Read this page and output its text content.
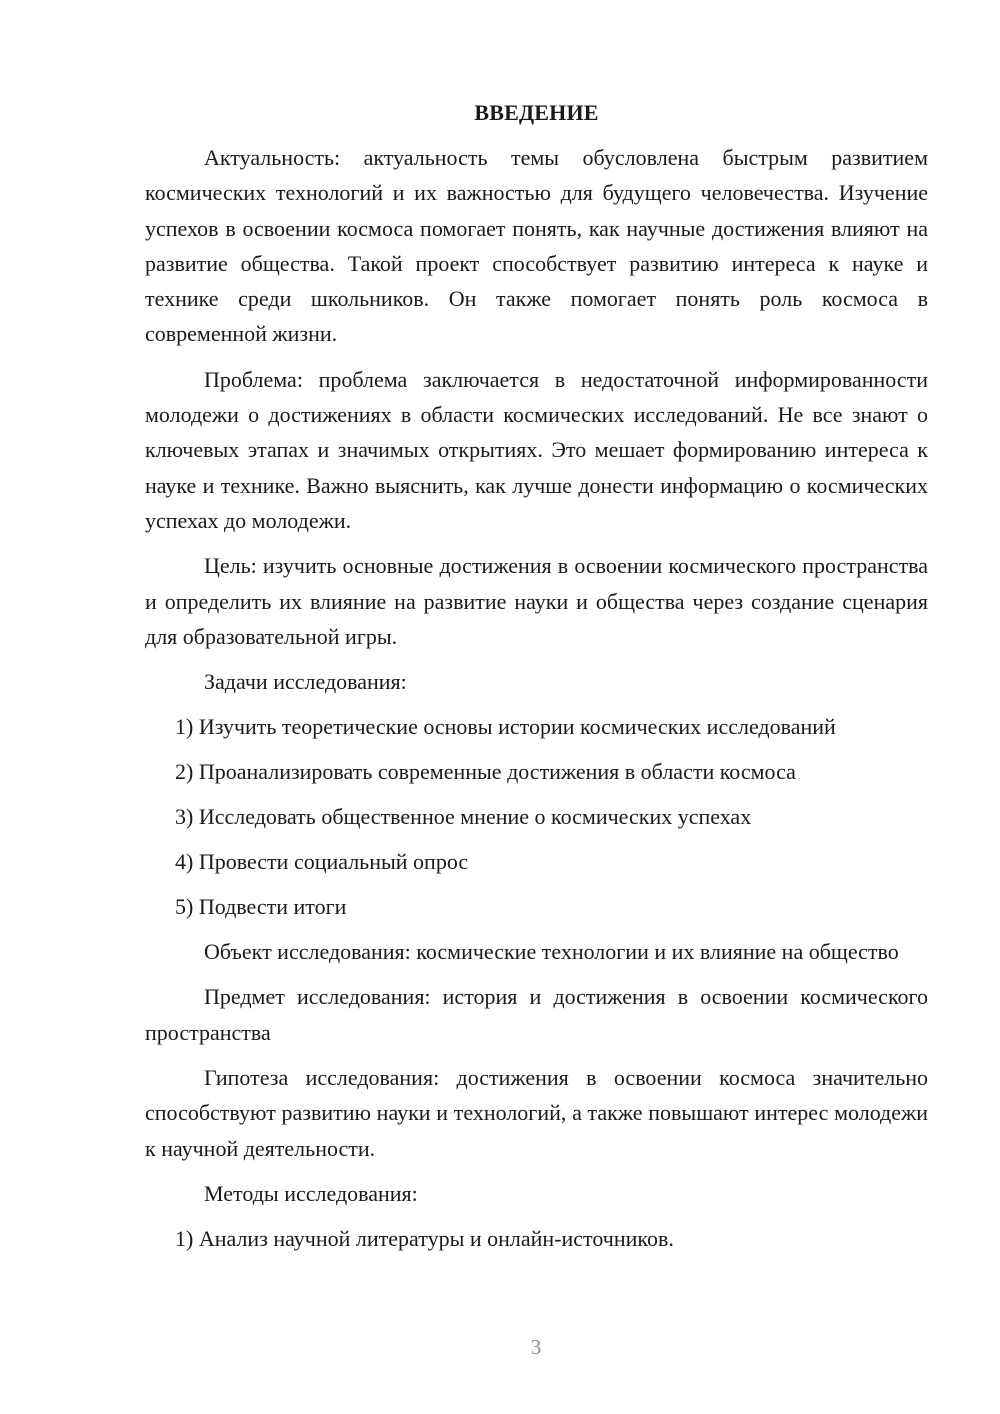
ВВЕДЕНИЕ

Актуальность: актуальность темы обусловлена быстрым развитием космических технологий и их важностью для будущего человечества. Изучение успехов в освоении космоса помогает понять, как научные достижения влияют на развитие общества. Такой проект способствует развитию интереса к науке и технике среди школьников. Он также помогает понять роль космоса в современной жизни.

Проблема: проблема заключается в недостаточной информированности молодежи о достижениях в области космических исследований. Не все знают о ключевых этапах и значимых открытиях. Это мешает формированию интереса к науке и технике. Важно выяснить, как лучше донести информацию о космических успехах до молодежи.

Цель: изучить основные достижения в освоении космического пространства и определить их влияние на развитие науки и общества через создание сценария для образовательной игры.

Задачи исследования:

1) Изучить теоретические основы истории космических исследований

2) Проанализировать современные достижения в области космоса

3) Исследовать общественное мнение о космических успехах

4) Провести социальный опрос

5) Подвести итоги

Объект исследования: космические технологии и их влияние на общество

Предмет исследования: история и достижения в освоении космического пространства

Гипотеза исследования: достижения в освоении космоса значительно способствуют развитию науки и технологий, а также повышают интерес молодежи к научной деятельности.

Методы исследования:

1) Анализ научной литературы и онлайн-источников.

3
